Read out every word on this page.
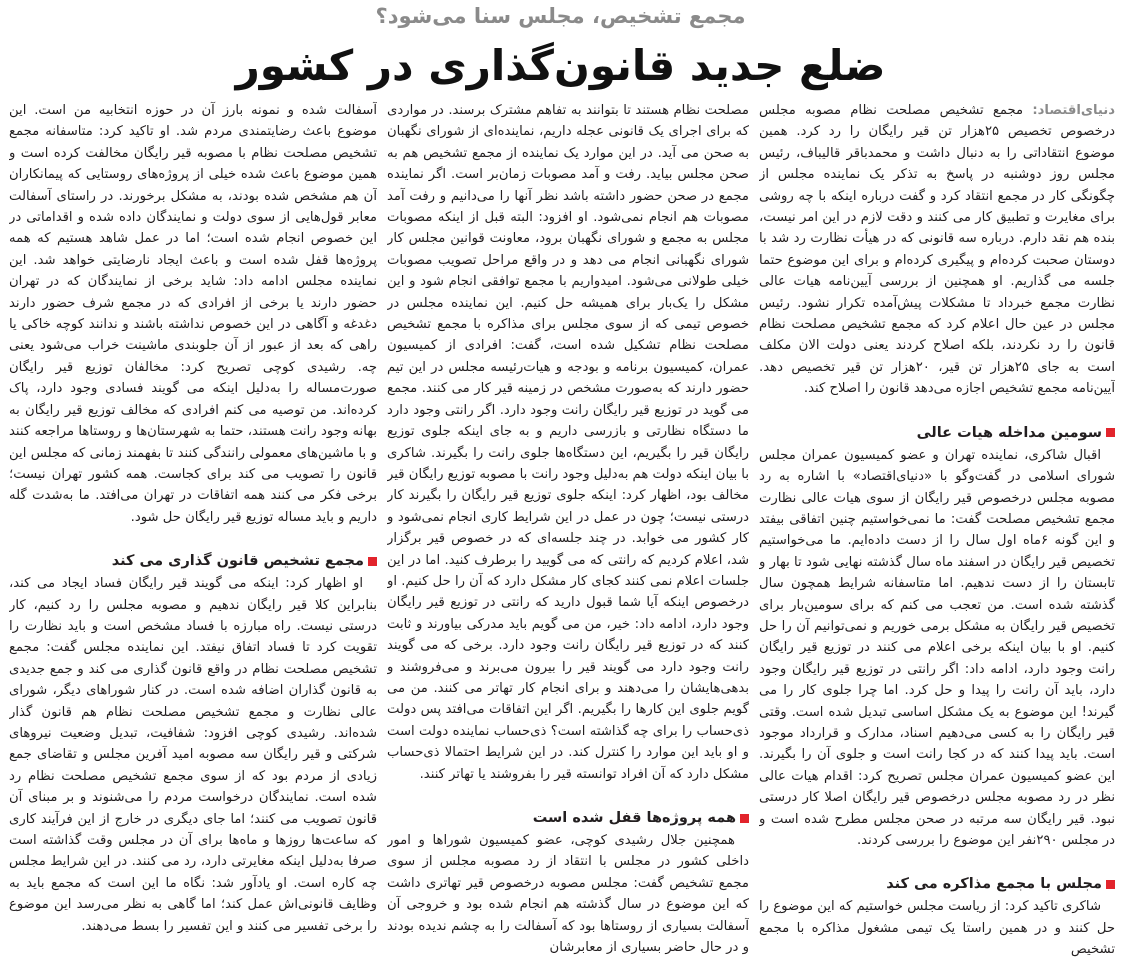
مجمع تشخیص، مجلس سنا می‌شود؟
ضلع جدید قانون‌گذاری در کشور

دنیای‌اقتصاد: مجمع تشخیص مصلحت نظام مصوبه مجلس درخصوص تخصیص ۲۵هزار تن قیر رایگان را رد کرد. همین موضوع انتقاداتی را به دنبال داشت و محمدباقر قالیباف، رئیس مجلس روز دوشنبه در پاسخ به تذکر یک نماینده مجلس از چگونگی کار در مجمع انتقاد کرد و گفت درباره اینکه با چه روشی برای مغایرت و تطبیق کار می کنند و دقت لازم در این امر نیست، بنده هم نقد دارم. درباره سه قانونی که در هیأت نظارت رد شد با دوستان صحبت کرده‌ام و پیگیری کرده‌ام و برای این موضوع حتما جلسه می گذاریم. او همچنین از بررسی آیین‌نامه هیات عالی نظارت مجمع خبرداد تا مشکلات پیش‌آمده تکرار نشود. رئیس مجلس در عین حال اعلام کرد که مجمع تشخیص مصلحت نظام قانون را رد نکردند، بلکه اصلاح کردند یعنی دولت الان مکلف است به جای ۲۵هزار تن قیر، ۲۰هزار تن قیر تخصیص دهد. آیین‌نامه مجمع تشخیص اجازه می‌دهد قانون را اصلاح کند.

سومین مداخله هیات عالی

اقبال شاکری، نماینده تهران و عضو کمیسیون عمران مجلس شورای اسلامی در گفت‌وگو با «دنیای‌اقتصاد» با اشاره به رد مصوبه مجلس درخصوص قیر رایگان از سوی هیات عالی نظارت مجمع تشخیص مصلحت گفت: ما نمی‌خواستیم چنین اتفاقی بیفتد و این گونه ۶ماه اول سال را از دست داده‌ایم. ما می‌خواستیم تخصیص قیر رایگان در اسفند ماه سال گذشته نهایی شود تا بهار و تابستان را از دست ندهیم. اما متاسفانه شرایط همچون سال گذشته شده است. من تعجب می کنم که برای سومین‌بار برای تخصیص قیر رایگان به مشکل برمی خوریم و نمی‌توانیم آن را حل کنیم. او با بیان اینکه برخی اعلام می کنند در توزیع قیر رایگان رانت وجود دارد، ادامه داد: اگر رانتی در توزیع قیر رایگان وجود دارد، باید آن رانت را پیدا و حل کرد. اما چرا جلوی کار را می گیرند! این موضوع به یک مشکل اساسی تبدیل شده است. وقتی قیر رایگان را به کسی می‌دهیم اسناد، مدارک و قرارداد موجود است. باید پیدا کنند که در کجا رانت است و جلوی آن را بگیرند. این عضو کمیسیون عمران مجلس تصریح کرد: اقدام هیات عالی نظر در رد مصوبه مجلس درخصوص قیر رایگان اصلا کار درستی نبود. قیر رایگان سه مرتبه در صحن مجلس مطرح شده است و در مجلس ۲۹۰نفر این موضوع را بررسی کردند.

مجلس با مجمع مذاکره می کند

شاکری تاکید کرد: از ریاست مجلس خواستیم که این موضوع را حل کنند و در همین راستا یک تیمی مشغول مذاکره با مجمع تشخیص

مصلحت نظام هستند تا بتوانند به تفاهم مشترک برسند. در مواردی که برای اجرای یک قانونی عجله داریم، نماینده‌ای از شورای نگهبان به صحن می آید. در این موارد یک نماینده از مجمع تشخیص هم به صحن مجلس بیاید. رفت و آمد مصوبات زمان‌بر است. اگر نماینده مجمع در صحن حضور داشته باشد نظر آنها را می‌دانیم و رفت آمد مصوبات هم انجام نمی‌شود. او افزود: البته قبل از اینکه مصوبات مجلس به مجمع و شورای نگهبان برود، معاونت قوانین مجلس کار شورای نگهبانی انجام می دهد و در واقع مراحل تصویب مصوبات خیلی طولانی می‌شود. امیدواریم با مجمع توافقی انجام شود و این مشکل را یک‌بار برای همیشه حل کنیم. این نماینده مجلس در خصوص تیمی که از سوی مجلس برای مذاکره با مجمع تشخیص مصلحت نظام تشکیل شده است، گفت: افرادی از کمیسیون عمران، کمیسیون برنامه و بودجه و هیات‌رئیسه مجلس در این تیم حضور دارند که به‌صورت مشخص در زمینه قیر کار می کنند. مجمع می گوید در توزیع قیر رایگان رانت وجود دارد. اگر رانتی وجود دارد ما دستگاه نظارتی و بازرسی داریم و به جای اینکه جلوی توزیع رایگان قیر را بگیریم، این دستگاه‌ها جلوی رانت را بگیرند. شاکری با بیان اینکه دولت هم به‌دلیل وجود رانت با مصوبه توزیع رایگان قیر مخالف بود، اظهار کرد: اینکه جلوی توزیع قیر رایگان را بگیرند کار درستی نیست؛ چون در عمل در این شرایط کاری انجام نمی‌شود و کار کشور می خوابد. در چند جلسه‌ای که در خصوص قیر برگزار شد، اعلام کردیم که رانتی که می گویید را برطرف کنید. اما در این جلسات اعلام نمی کنند کجای کار مشکل دارد که آن را حل کنیم. او درخصوص اینکه آیا شما قبول دارید که رانتی در توزیع قیر رایگان وجود دارد، ادامه داد: خیر، من می گویم باید مدرکی بیاورند و ثابت کنند که در توزیع قیر رایگان رانت وجود دارد. برخی که می گویند رانت وجود دارد می گویند قیر را بیرون می‌برند و می‌فروشند و بدهی‌هایشان را می‌دهند و برای انجام کار تهاتر می کنند. من می گویم جلوی این کارها را بگیریم. اگر این اتفاقات می‌افتد پس دولت ذی‌حساب را برای چه گذاشته است؟ ذی‌حساب نماینده دولت است و او باید این موارد را کنترل کند. در این شرایط احتمالا ذی‌حساب مشکل دارد که آن افراد توانسته قیر را بفروشند یا تهاتر کنند.

همه پروژه‌ها قفل شده است

همچنین جلال رشیدی کوچی، عضو کمیسیون شوراها و امور داخلی کشور در مجلس با انتقاد از رد مصوبه مجلس از سوی مجمع تشخیص گفت: مجلس مصوبه درخصوص قیر تهاتری داشت که این موضوع در سال گذشته هم انجام شده بود و خروجی آن آسفالت بسیاری از روستاها بود که آسفالت را به چشم ندیده بودند و در حال حاضر بسیاری از معابرشان

آسفالت شده و نمونه بارز آن در حوزه انتخابیه من است. این موضوع باعث رضایتمندی مردم شد. او تاکید کرد: متاسفانه مجمع تشخیص مصلحت نظام با مصوبه قیر رایگان مخالفت کرده است و همین موضوع باعث شده خیلی از پروژه‌های روستایی که پیمانکاران آن هم مشخص شده بودند، به مشکل برخورند. در راستای آسفالت معابر قول‌هایی از سوی دولت و نمایندگان داده شده و اقداماتی در این خصوص انجام شده است؛ اما در عمل شاهد هستیم که همه پروژه‌ها قفل شده است و باعث ایجاد نارضایتی خواهد شد. این نماینده مجلس ادامه داد: شاید برخی از نمایندگان که در تهران حضور دارند یا برخی از افرادی که در مجمع شرف حضور دارند دغدغه و آگاهی در این خصوص نداشته باشند و ندانند کوچه خاکی یا راهی که بعد از عبور از آن جلوبندی ماشینت خراب می‌شود یعنی چه. رشیدی کوچی تصریح کرد: مخالفان توزیع قیر رایگان صورت‌مساله را به‌دلیل اینکه می گویند فسادی وجود دارد، پاک کرده‌اند. من توصیه می کنم افرادی که مخالف توزیع قیر رایگان به بهانه وجود رانت هستند، حتما به شهرستان‌ها و روستاها مراجعه کنند و با ماشین‌های معمولی رانندگی کنند تا بفهمند زمانی که مجلس این قانون را تصویب می کند برای کجاست. همه کشور تهران نیست؛ برخی فکر می کنند همه اتفاقات در تهران می‌افتد. ما به‌شدت گله داریم و باید مساله توزیع قیر رایگان حل شود.

مجمع تشخیص قانون گذاری می کند

او اظهار کرد: اینکه می گویند قیر رایگان فساد ایجاد می کند، بنابراین کلا قیر رایگان ندهیم و مصوبه مجلس را رد کنیم، کار درستی نیست. راه مبارزه با فساد مشخص است و باید نظارت را تقویت کرد تا فساد اتفاق نیفتد. این نماینده مجلس گفت: مجمع تشخیص مصلحت نظام در واقع قانون گذاری می کند و جمع جدیدی به قانون گذاران اضافه شده است. در کنار شوراهای دیگر، شورای عالی نظارت و مجمع تشخیص مصلحت نظام هم قانون گذار شده‌اند. رشیدی کوچی افزود: شفافیت، تبدیل وضعیت نیروهای شرکتی و قیر رایگان سه مصوبه امید آفرین مجلس و تقاضای جمع زیادی از مردم بود که از سوی مجمع تشخیص مصلحت نظام رد شده است. نمایندگان درخواست مردم را می‌شنوند و بر مبنای آن قانون تصویب می کنند؛ اما جای دیگری در خارج از این فرآیند کاری که ساعت‌ها روزها و ماه‌ها برای آن در مجلس وقت گذاشته است صرفا به‌دلیل اینکه مغایرتی دارد، رد می کنند. در این شرایط مجلس چه کاره است. او یادآور شد: نگاه ما این است که مجمع باید به وظایف قانونی‌اش عمل کند؛ اما گاهی به نظر می‌رسد این موضوع را برخی تفسیر می کنند و این تفسیر را بسط می‌دهند.
